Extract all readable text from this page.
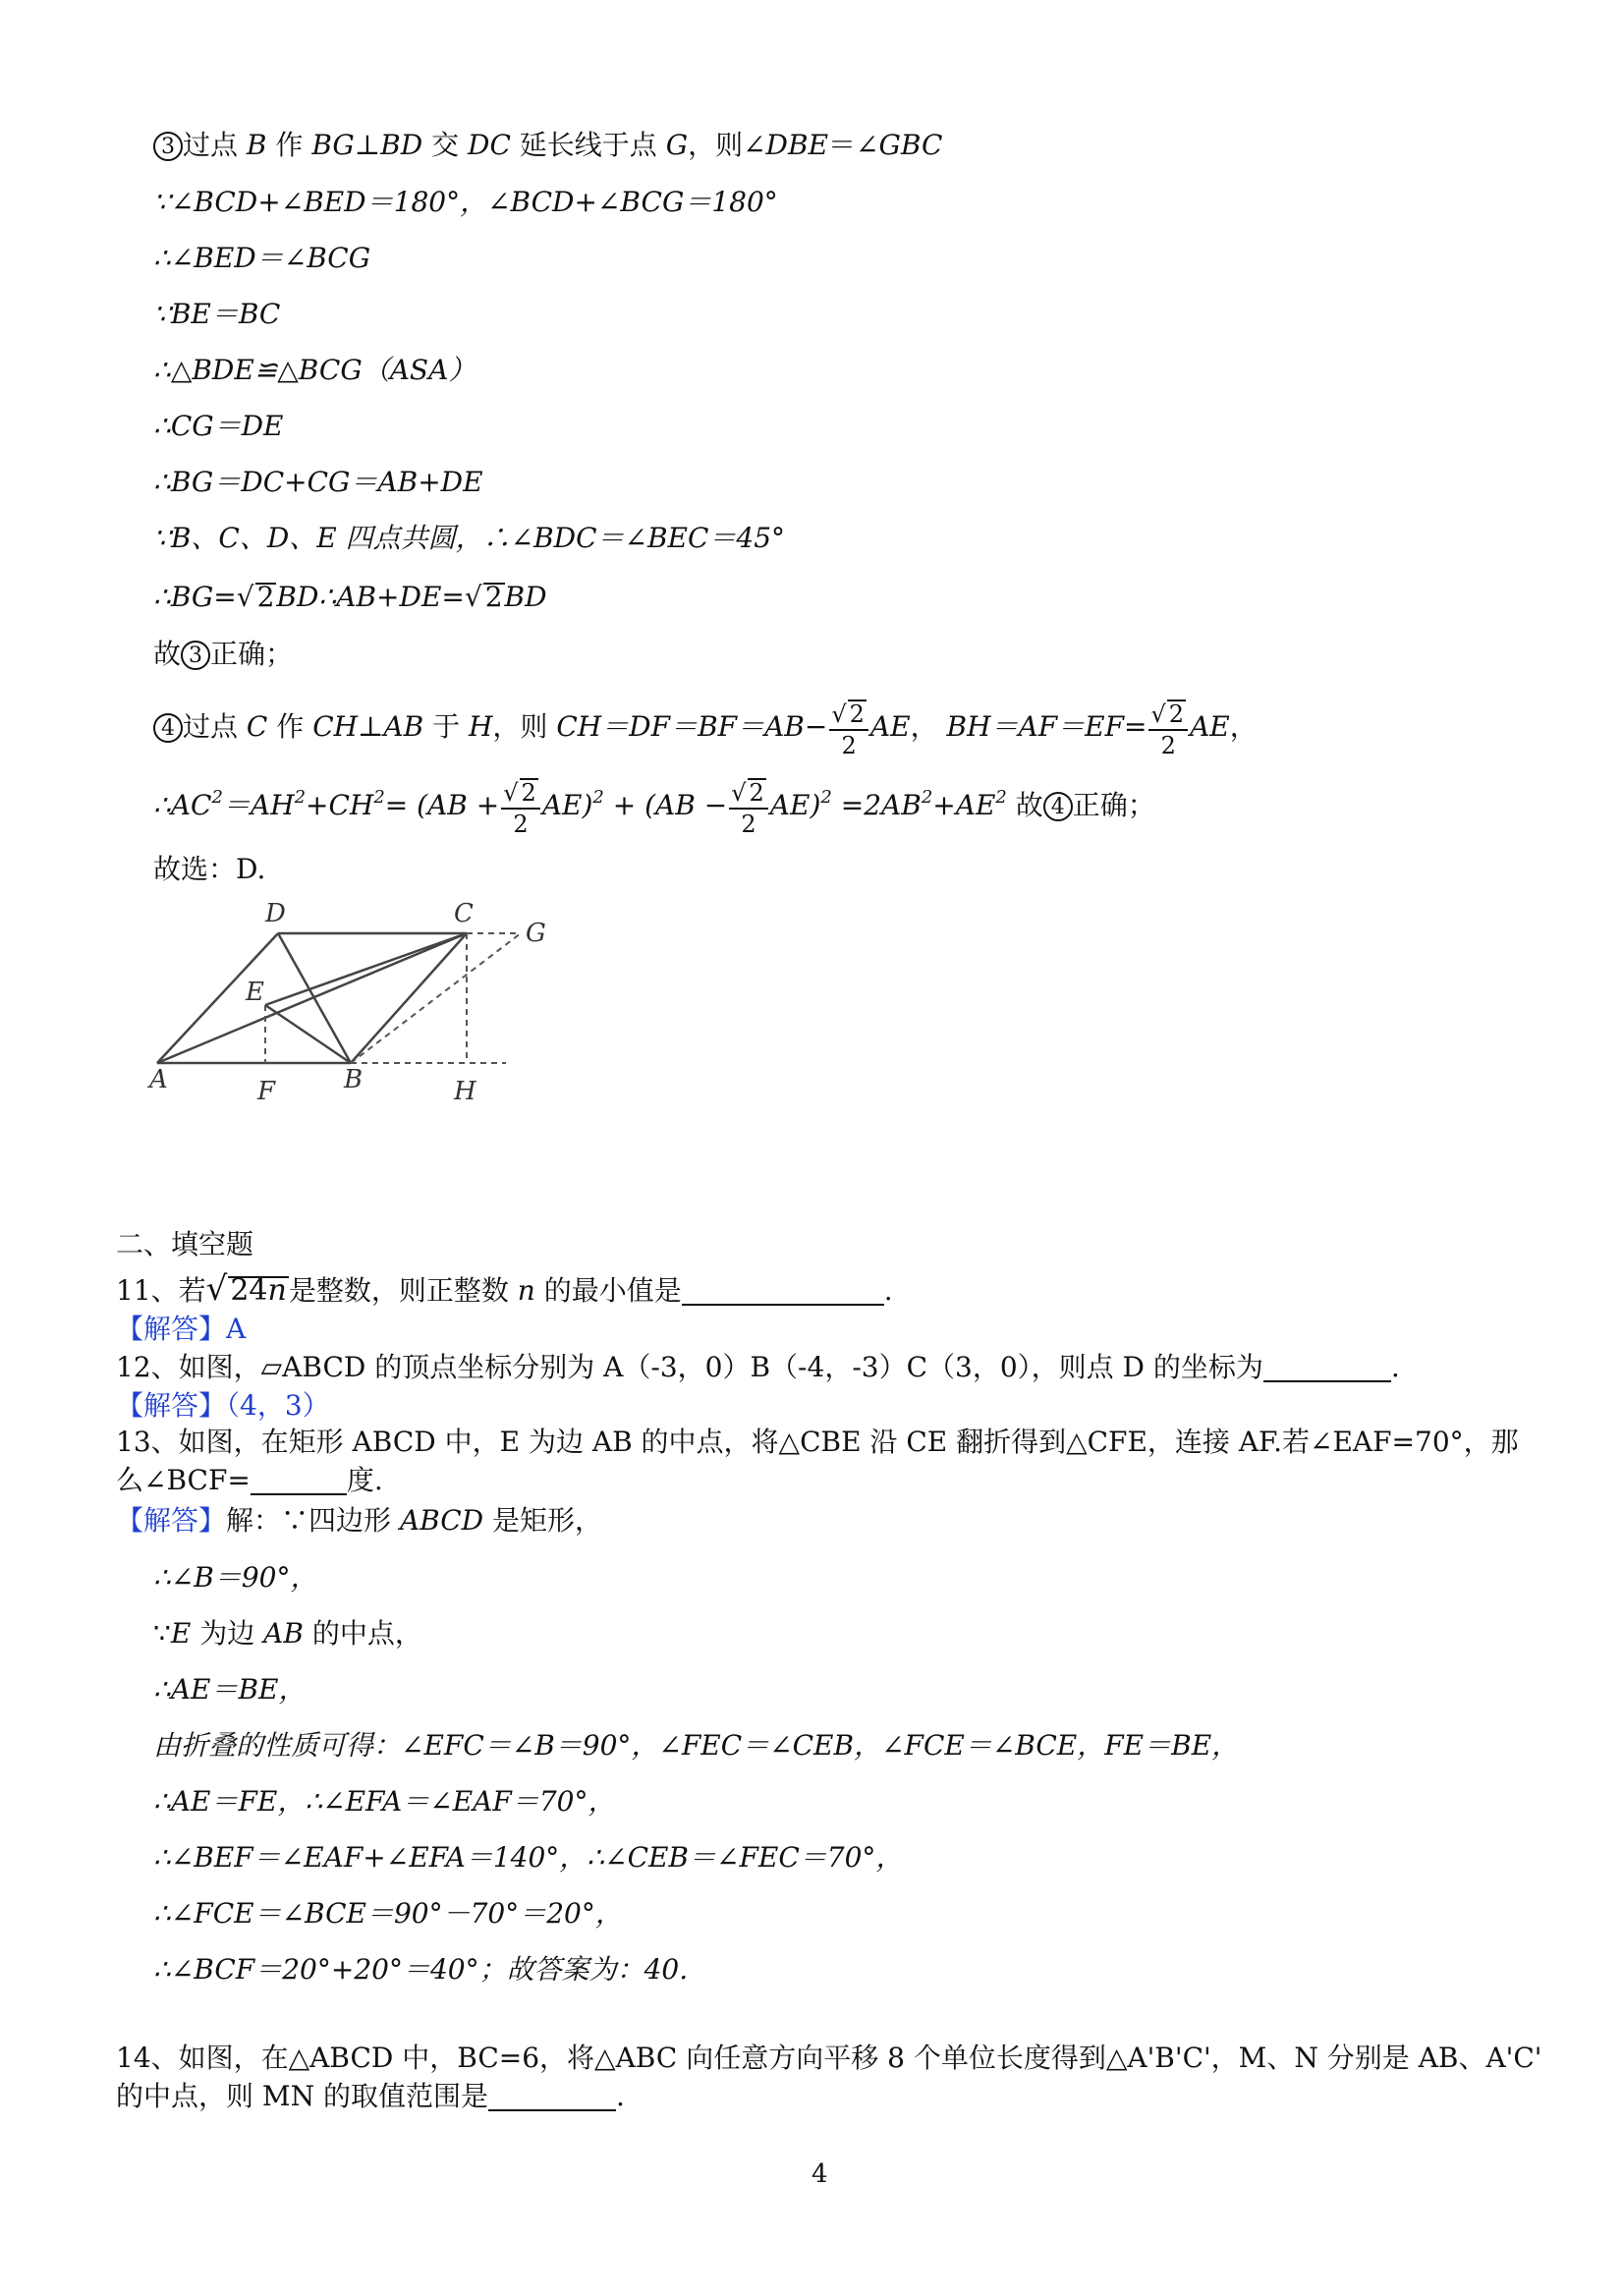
3 过点 B 作 BG⊥BD 交 DC 延长线于点 G，则∠DBE＝∠GBC
∵∠BCD+∠BED＝180°，∠BCD+∠BCG＝180°
∴∠BED＝∠BCG
∵BE＝BC
∴△BDE≌△BCG（ASA）
∴CG＝DE
∴BG＝DC+CG＝AB+DE
∵B、C、D、E 四点共圆，∴∠BDC＝∠BEC＝45°
∴BG=√ 2BD∴AB+DE=√ 2BD
故 3 正确；
4 过点 C 作 CH⊥AB 于 H，则 $CH=DF=BF=AB- \frac{√ 2}{2}$ AE， $BH=AF=EF= \frac{√ 2}{2}$ AE，
$\therefore AC^2=AH^2+CH^2= (AB + \frac{√ 2}{2} AE)^2 + (AB - \frac{√ 2}{2} AE)^2 =2AB^2+AE^2$ 故 4 正确；
故选：D.
D	C
G
E
A	B
F	H
二、填空题
11、若√ 24n是整数，则正整数 n 的最小值是	.
【解答】A
12、如图，▱ABCD 的顶点坐标分别为 A（-3，0）B（-4，-3）C（3，0），则点 D 的坐标为	.
【解答】（4，3）
13、如图，在矩形 ABCD 中，E 为边 AB 的中点，将△CBE 沿 CE 翻折得到△CFE，连接 AF.若∠EAF=70°，那
么∠BCF=	度.
【解答】解：∵四边形 ABCD 是矩形，
∴∠B＝90°，
∵E 为边 AB 的中点，
∴AE＝BE，
由折叠的性质可得：∠EFC＝∠B＝90°，∠FEC＝∠CEB，∠FCE＝∠BCE，FE＝BE，
∴AE＝FE，∴∠EFA＝∠EAF＝70°，
∴∠BEF＝∠EAF+∠EFA＝140°，∴∠CEB＝∠FEC＝70°，
∴∠FCE＝∠BCE＝90°－70°＝20°，
∴∠BCF＝20°+20°＝40°；故答案为：40.
14、如图，在△ABCD 中，BC=6，将△ABC 向任意方向平移 8 个单位长度得到△A'B'C'，M、N 分别是 AB、A'C'
的中点，则 MN 的取值范围是	.
4
